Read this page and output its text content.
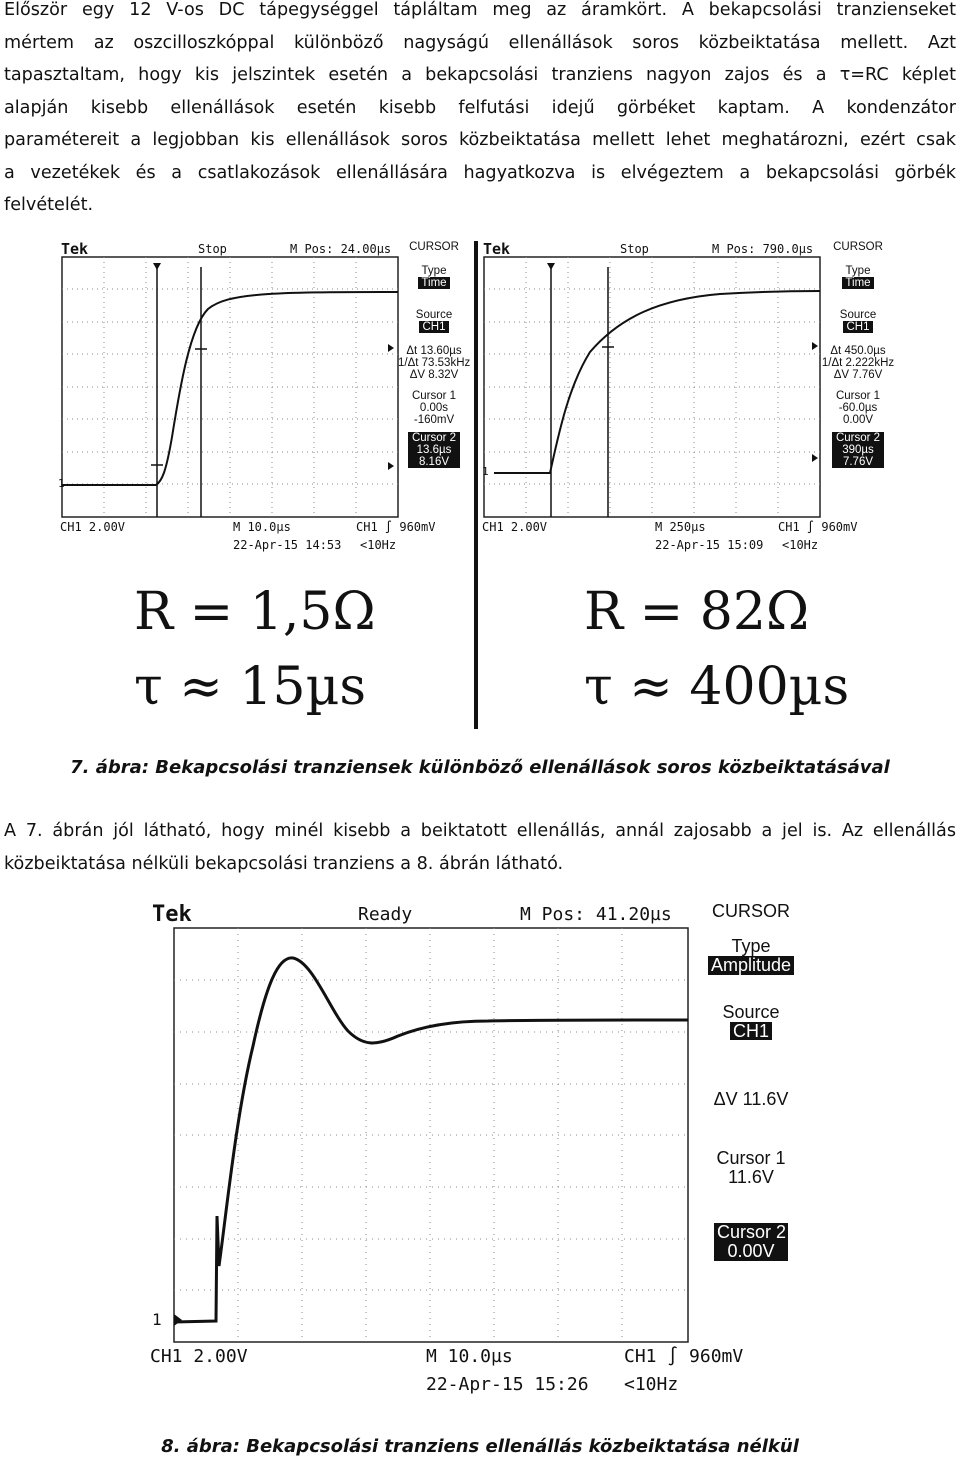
Először egy 12 V-os DC tápegységgel tápláltam meg az áramkört. A bekapcsolási tranzienseket
mértem az oszcilloszkóppal különböző nagyságú ellenállások soros közbeiktatása mellett. Azt
tapasztaltam, hogy kis jelszintek esetén a bekapcsolási tranziens nagyon zajos és a τ=RC képlet
alapján kisebb ellenállások esetén kisebb felfutási idejű görbéket kaptam. A kondenzátor
paramétereit a legjobban kis ellenállások soros közbeiktatása mellett lehet meghatározni, ezért csak
a vezetékek és a csatlakozások ellenállására hagyatkozva is elvégeztem a bekapcsolási görbék
felvételét.
Tek	Stop	M Pos: 24.00µs
1
CH1 2.00V	M 10.0µs	CH1 ∫ 960mV
22-Apr-15 14:53 <10Hz
CURSOR
Type
Time
Source
CH1
Δt 13.60µs
1/Δt 73.53kHz
ΔV 8.32V
Cursor 1
0.00s
-160mV
Cursor 2
13.6µs
8.16V
Tek	Stop	M Pos: 790.0µs
1
CH1 2.00V	M 250µs	CH1 ∫ 960mV
22-Apr-15 15:09 <10Hz
CURSOR
Type
Time
Source
CH1
Δt 450.0µs
1/Δt 2.222kHz
ΔV 7.76V
Cursor 1
-60.0µs
0.00V
Cursor 2
390µs
7.76V
R = 1,5Ω
τ ≈ 15µs
R = 82Ω
τ ≈ 400µs
7. ábra: Bekapcsolási tranziensek különböző ellenállások soros közbeiktatásával
A 7. ábrán jól látható, hogy minél kisebb a beiktatott ellenállás, annál zajosabb a jel is. Az ellenállás
közbeiktatása nélküli bekapcsolási tranziens a 8. ábrán látható.
Tek	Ready	M Pos: 41.20µs
1
CH1 2.00V	M 10.0µs	CH1 ∫ 960mV
22-Apr-15 15:26 <10Hz
CURSOR
Type
Amplitude
Source
CH1
ΔV 11.6V
Cursor 1
11.6V
Cursor 2
0.00V
8. ábra: Bekapcsolási tranziens ellenállás közbeiktatása nélkül
